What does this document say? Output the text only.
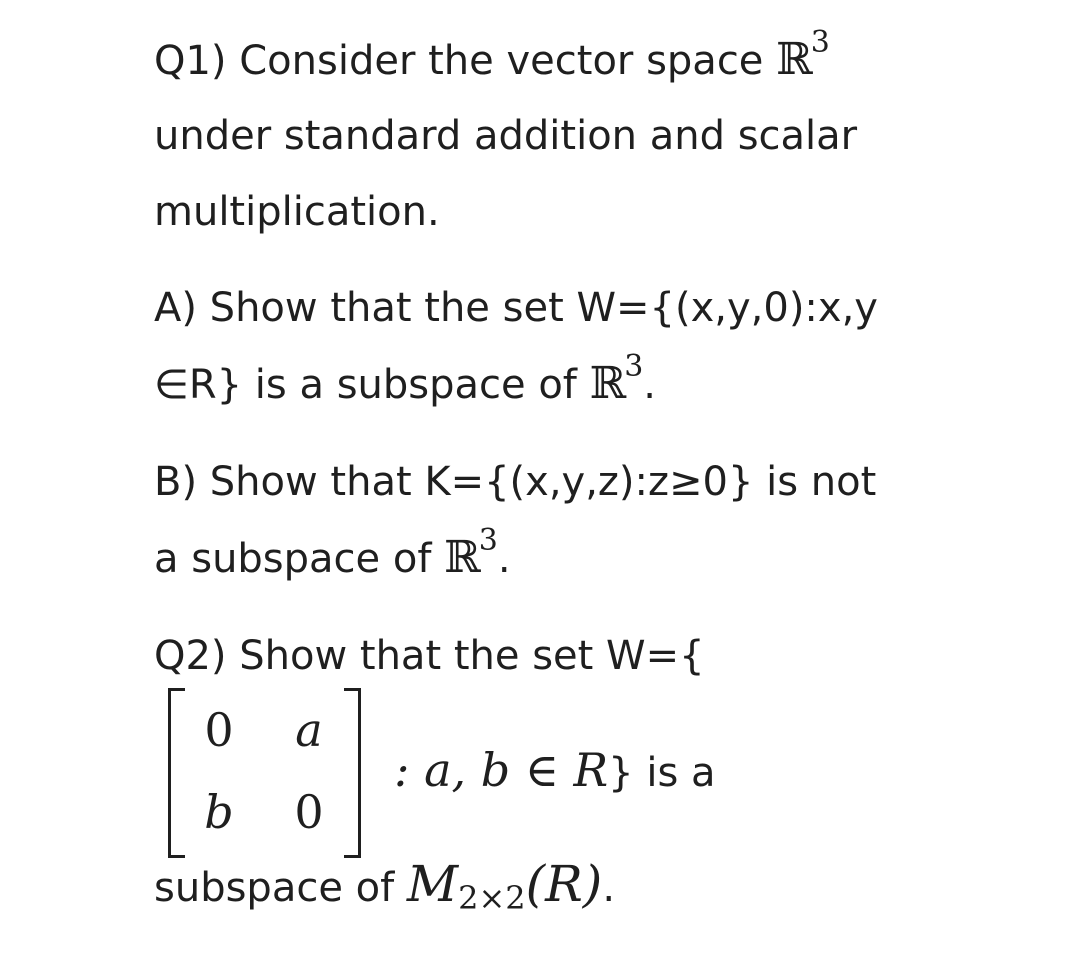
Q1) Consider the vector space ℝ$^3$
under standard addition and scalar
multiplication.
A) Show that the set W={(x,y,0):x,y
∈R} is a subspace of ℝ$^3$.
B) Show that K={(x,y,z):z≥0} is not
a subspace of ℝ$^3$.
Q2) Show that the set W={
0 a
b 0
: a, b ∈ R} is a
subspace of $M_{2\times 2}(R)$.
